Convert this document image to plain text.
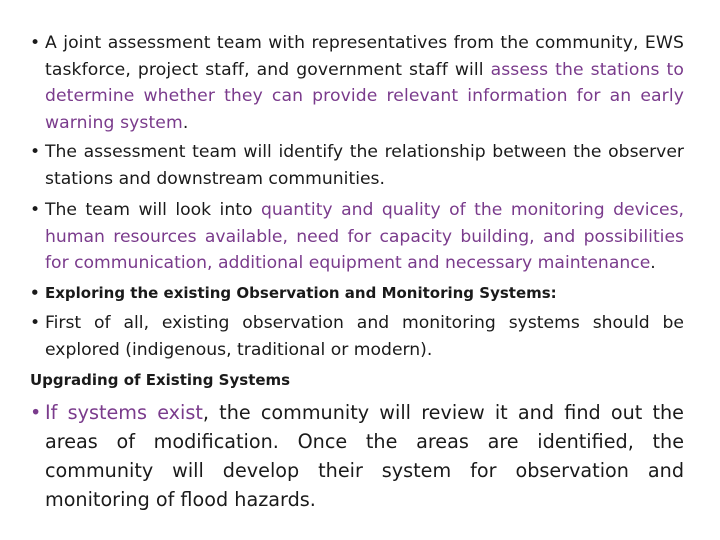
• A joint assessment team with representatives from the community, EWS taskforce, project staff, and government staff will assess the stations to determine whether they can provide relevant information for an early warning system.
• The assessment team will identify the relationship between the observer stations and downstream communities.
• The team will look into quantity and quality of the monitoring devices, human resources available, need for capacity building, and possibilities for communication, additional equipment and necessary maintenance.
• Exploring the existing Observation and Monitoring Systems:
• First of all, existing observation and monitoring systems should be explored (indigenous, traditional or modern).
Upgrading of Existing Systems
• If systems exist, the community will review it and find out the areas of modification. Once the areas are identified, the community will develop their system for observation and monitoring of flood hazards.
